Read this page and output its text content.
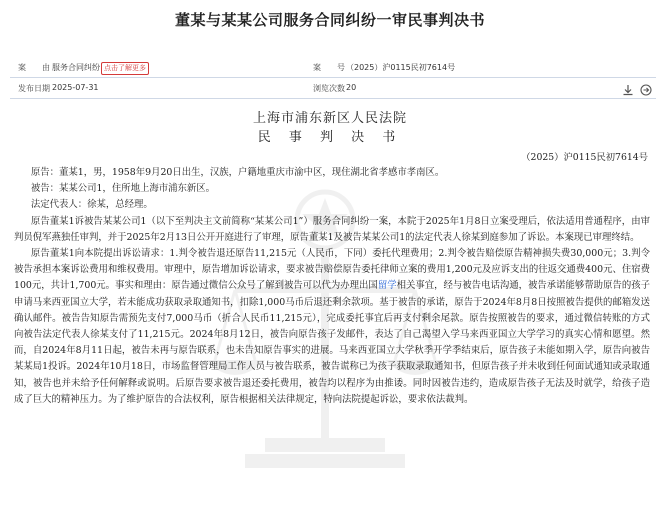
董某与某某公司服务合同纠纷一审民事判决书
案　　由 服务合同纠纷 点击了解更多	案　　号 （2025）沪0115民初7614号
发布日期 2025-07-31	浏览次数 20
上海市浦东新区人民法院
民 事 判 决 书
（2025）沪0115民初7614号

原告：董某1，男，1958年9月20日出生，汉族，户籍地重庆市渝中区，现住湖北省孝感市孝南区。

被告：某某公司1，住所地上海市浦东新区。

法定代表人：徐某，总经理。

原告董某1诉被告某某公司1（以下至判决主文前简称“某某公司1”）服务合同纠纷一案，本院于2025年1月8日立案受理后，依法适用普通程序，由审判员倪军燕独任审判，并于2025年2月13日公开开庭进行了审理，原告董某1及被告某某公司1的法定代表人徐某到庭参加了诉讼。本案现已审理终结。

原告董某1向本院提出诉讼请求：1.判令被告退还原告11,215元（人民币，下同）委托代理费用；2.判令被告赔偿原告精神损失费30,000元；3.判令被告承担本案诉讼费用和维权费用。审理中，原告增加诉讼请求，要求被告赔偿原告委托律师立案的费用1,200元及应诉支出的往返交通费400元、住宿费100元，共计1,700元。事实和理由：原告通过微信公众号了解到被告可以代为办理出国留学相关事宜，经与被告电话沟通，被告承诺能够帮助原告的孩子申请马来西亚国立大学，若未能成功获取录取通知书，扣除1,000马币后退还剩余款项。基于被告的承诺，原告于2024年8月8日按照被告提供的邮箱发送确认邮件。被告告知原告需预先支付7,000马币（折合人民币11,215元），完成委托事宜后再支付剩余尾款。原告按照被告的要求，通过微信转账的方式向被告法定代表人徐某支付了11,215元。2024年8月12日，被告向原告孩子发邮件，表达了自己渴望入学马来西亚国立大学学习的真实心情和愿望。然而，自2024年8月11日起，被告未再与原告联系，也未告知原告事实的进展。马来西亚国立大学秋季开学季结束后，原告孩子未能如期入学，原告向被告某某局1投诉。2024年10月18日，市场监督管理局工作人员与被告联系，被告谎称已为孩子获取录取通知书，但原告孩子并未收到任何面试通知或录取通知，被告也并未给予任何解释或说明。后原告要求被告退还委托费用，被告均以程序为由推诿。同时因被告违约，造成原告孩子无法及时就学，给孩子造成了巨大的精神压力。为了维护原告的合法权利，原告根据相关法律规定，特向法院提起诉讼，要求依法裁判。
